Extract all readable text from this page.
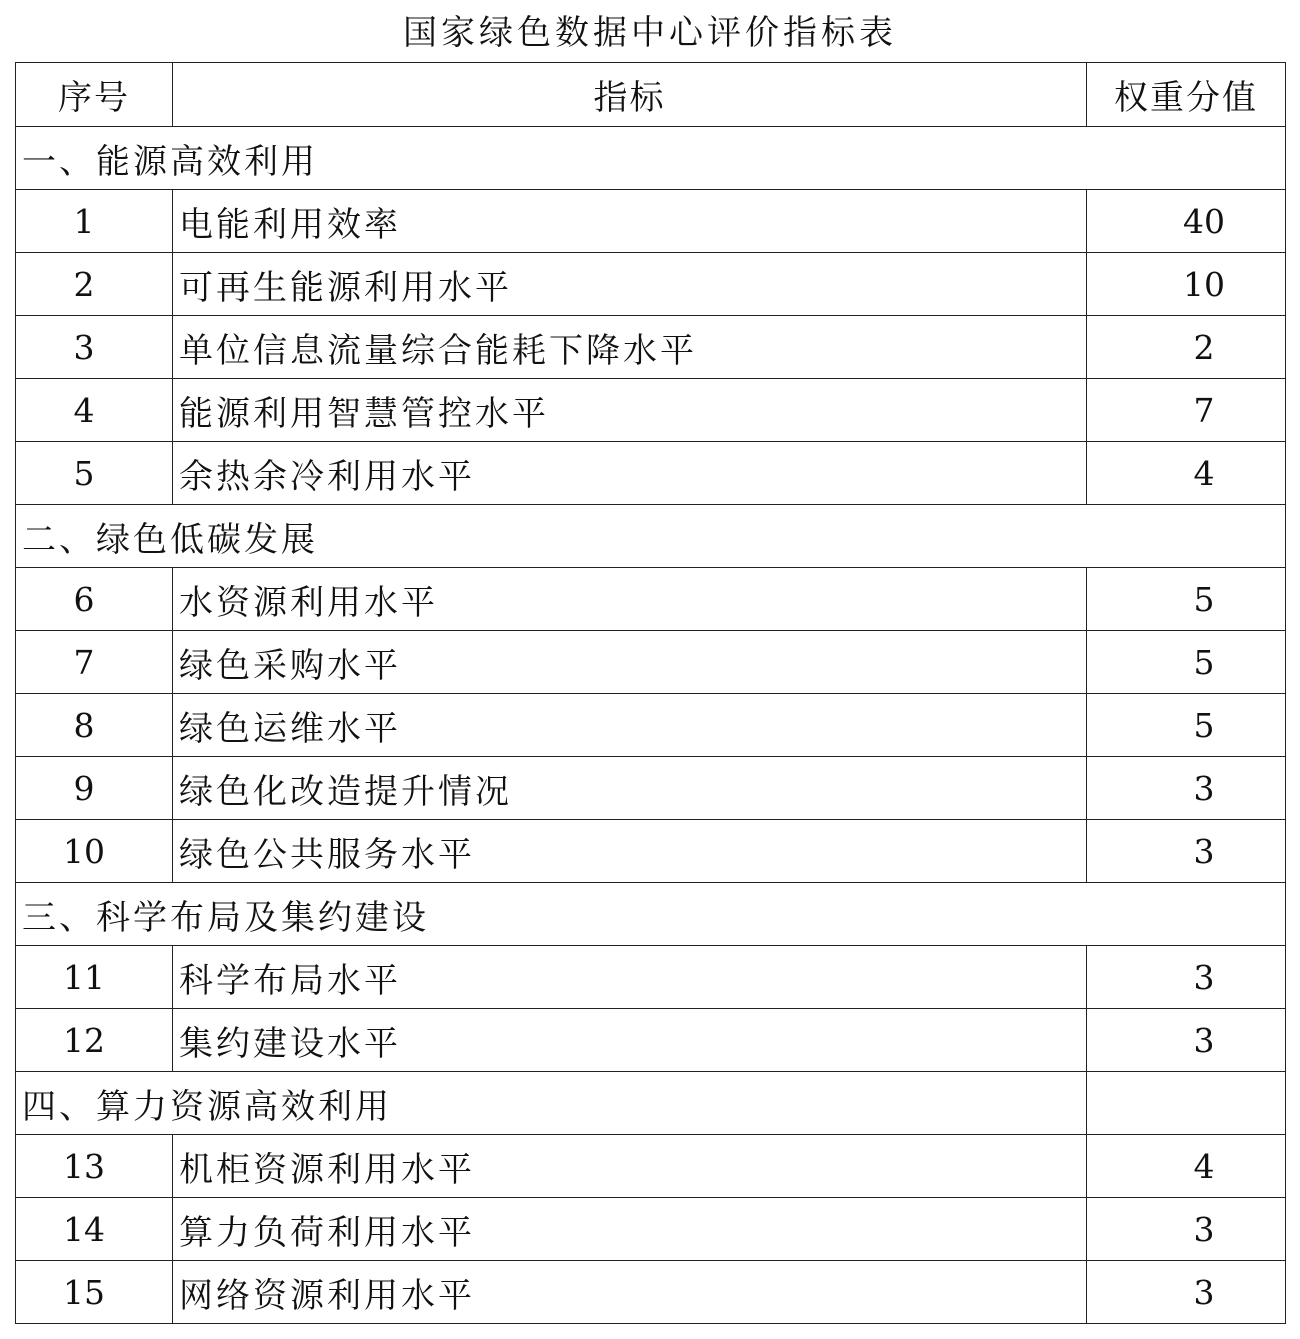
国家绿色数据中心评价指标表
序号	指标	权重分值
一、能源高效利用		
1	电能利用效率	40
2	可再生能源利用水平	10
3	单位信息流量综合能耗下降水平	2
4	能源利用智慧管控水平	7
5	余热余冷利用水平	4
二、绿色低碳发展		
6	水资源利用水平	5
7	绿色采购水平	5
8	绿色运维水平	5
9	绿色化改造提升情况	3
10	绿色公共服务水平	3
三、科学布局及集约建设		
11	科学布局水平	3
12	集约建设水平	3
四、算力资源高效利用		
13	机柜资源利用水平	4
14	算力负荷利用水平	3
15	网络资源利用水平	3
